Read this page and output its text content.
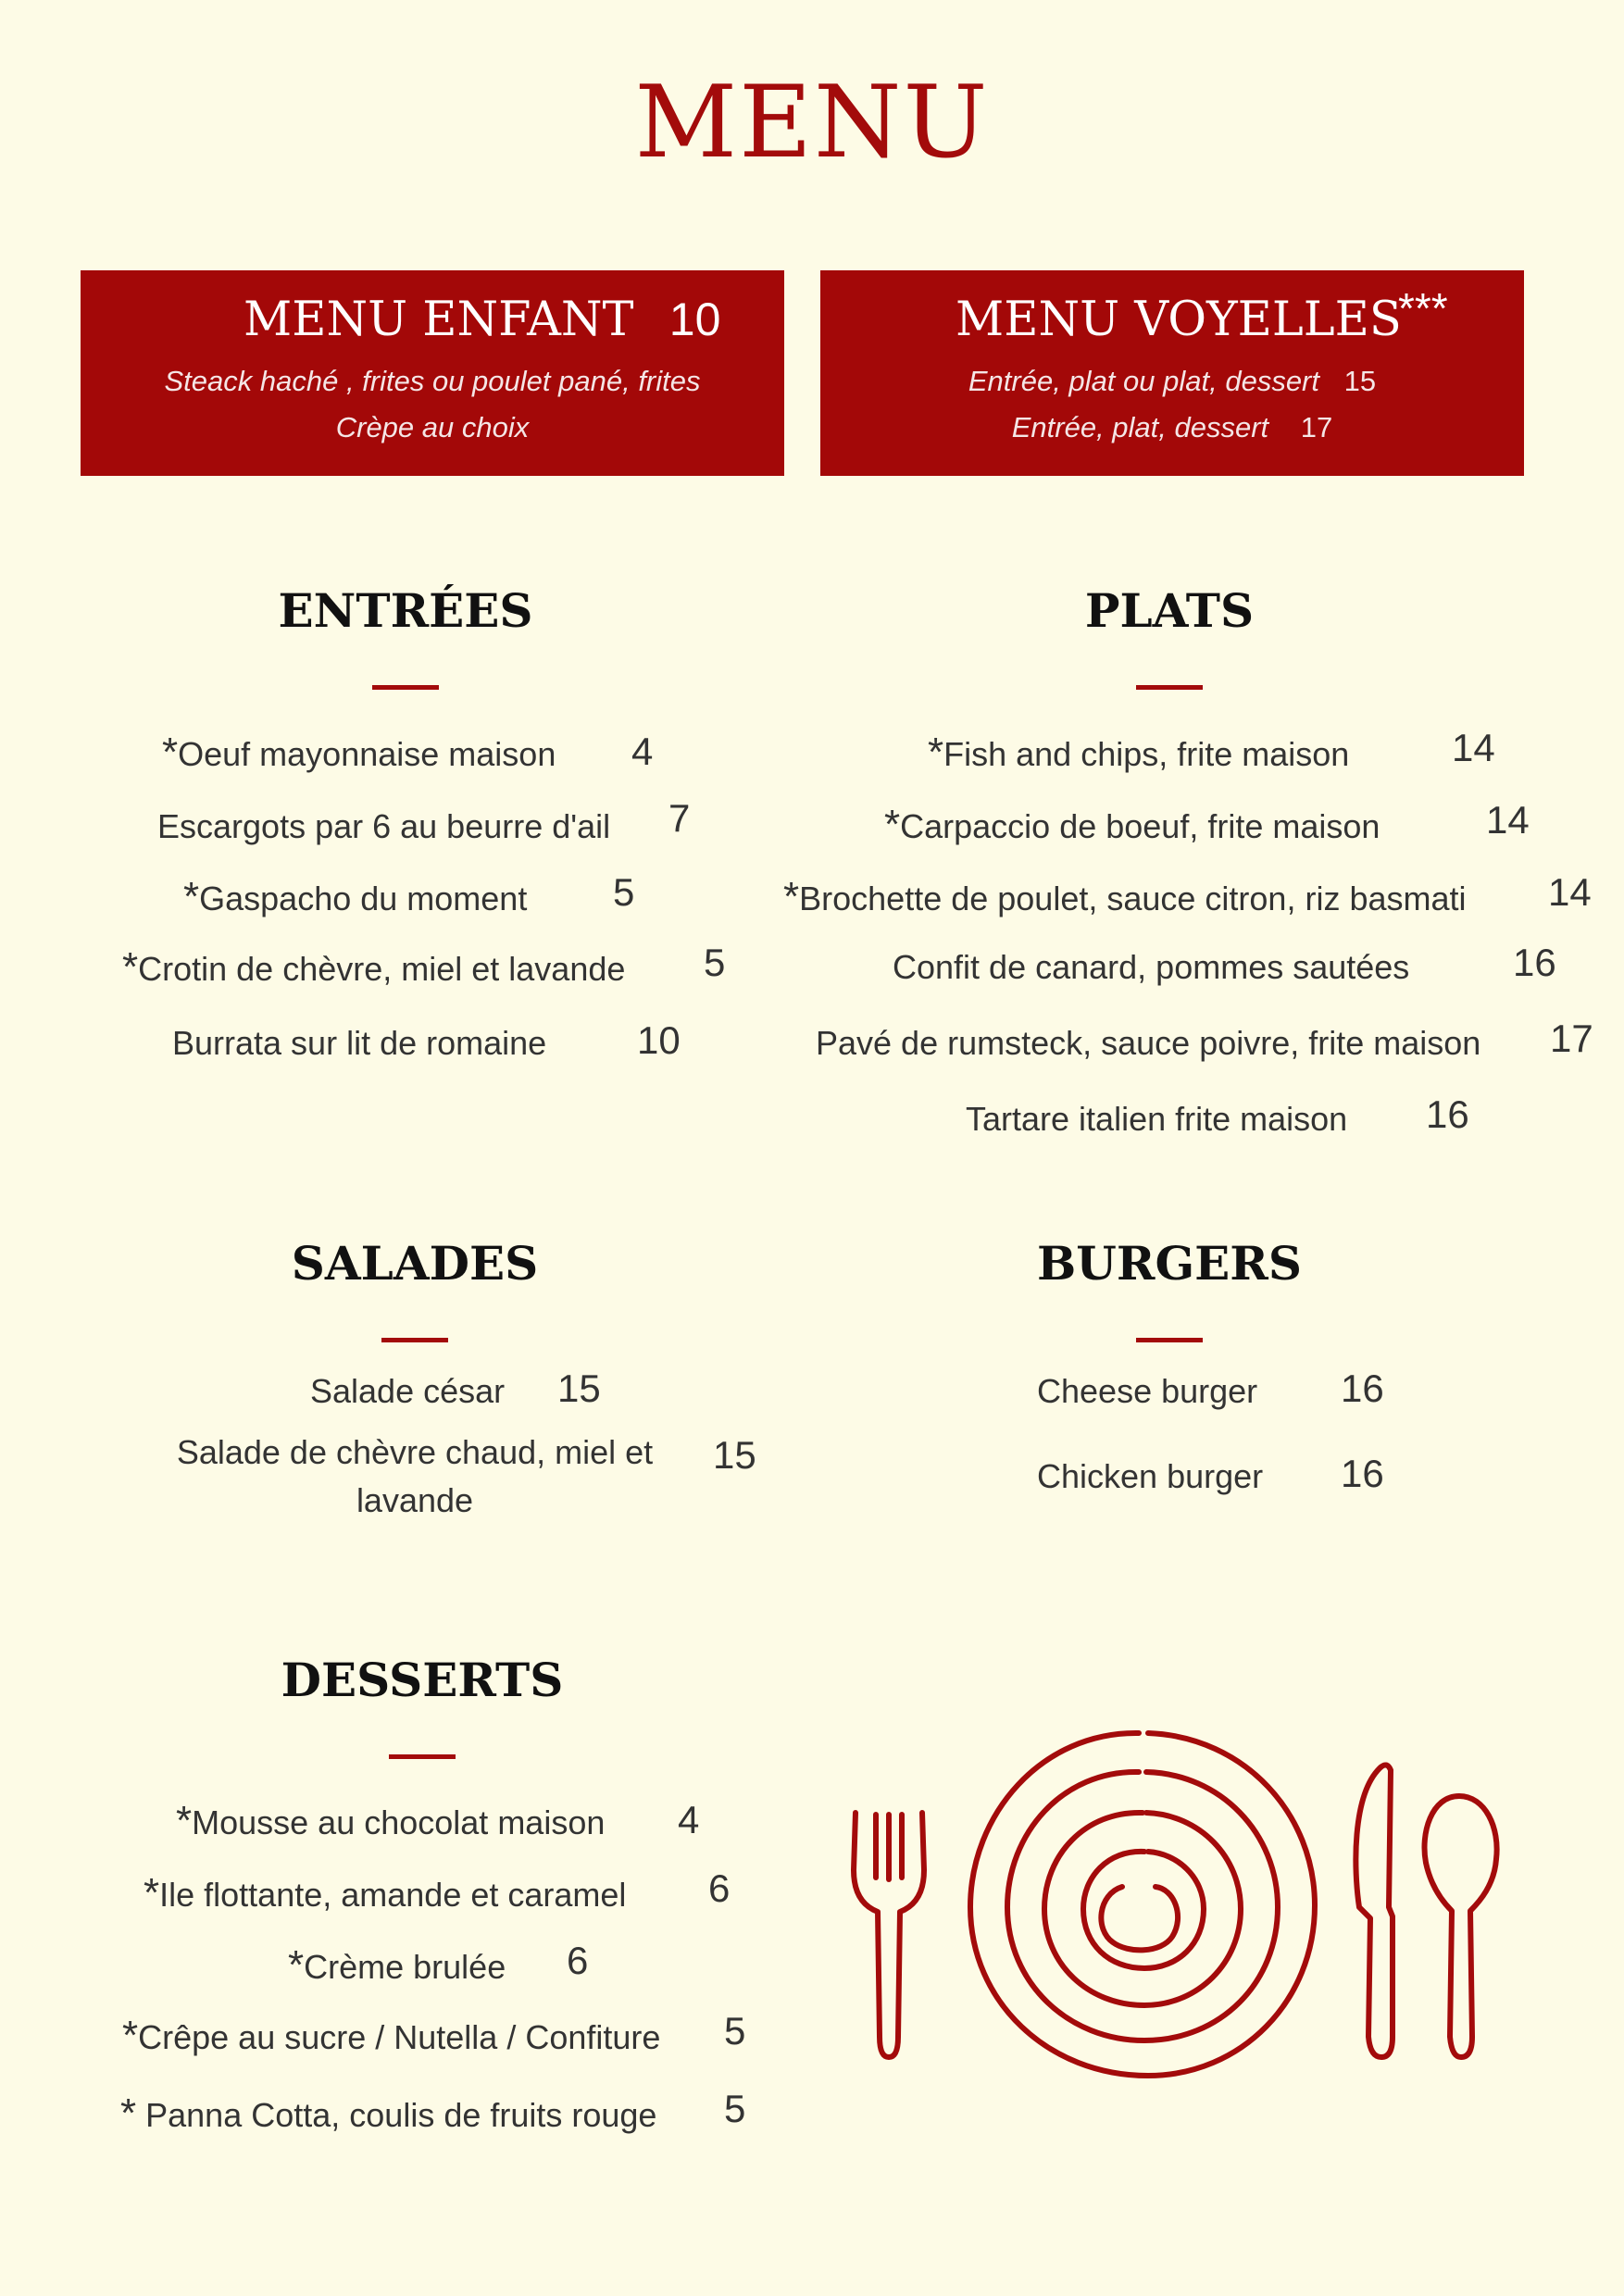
MENU
MENU ENFANT 10
Steack haché , frites ou poulet pané, frites
Crèpe au choix
MENU VOYELLES
***
Entrée, plat ou plat, dessert 15
Entrée, plat, dessert 17
ENTRÉES
*Oeuf mayonnaise maison 4
Escargots par 6 au beurre d'ail 7
*Gaspacho du moment 5
*Crotin de chèvre, miel et lavande 5
Burrata sur lit de romaine 10
PLATS
*Fish and chips, frite maison	14
*Carpaccio de boeuf, frite maison	14
*Brochette de poulet, sauce citron, riz basmati 14
Confit de canard, pommes sautées	16
Pavé de rumsteck, sauce poivre, frite maison 17
Tartare italien frite maison 16
SALADES
Salade césar 15
Salade de chèvre chaud, miel et
lavande
15
BURGERS
Cheese burger 16
Chicken burger 16
DESSERTS
*Mousse au chocolat maison 4
*Ile flottante, amande et caramel 6
*Crème brulée 6
*Crêpe au sucre / Nutella / Confiture 5
* Panna Cotta, coulis de fruits rouge 5
